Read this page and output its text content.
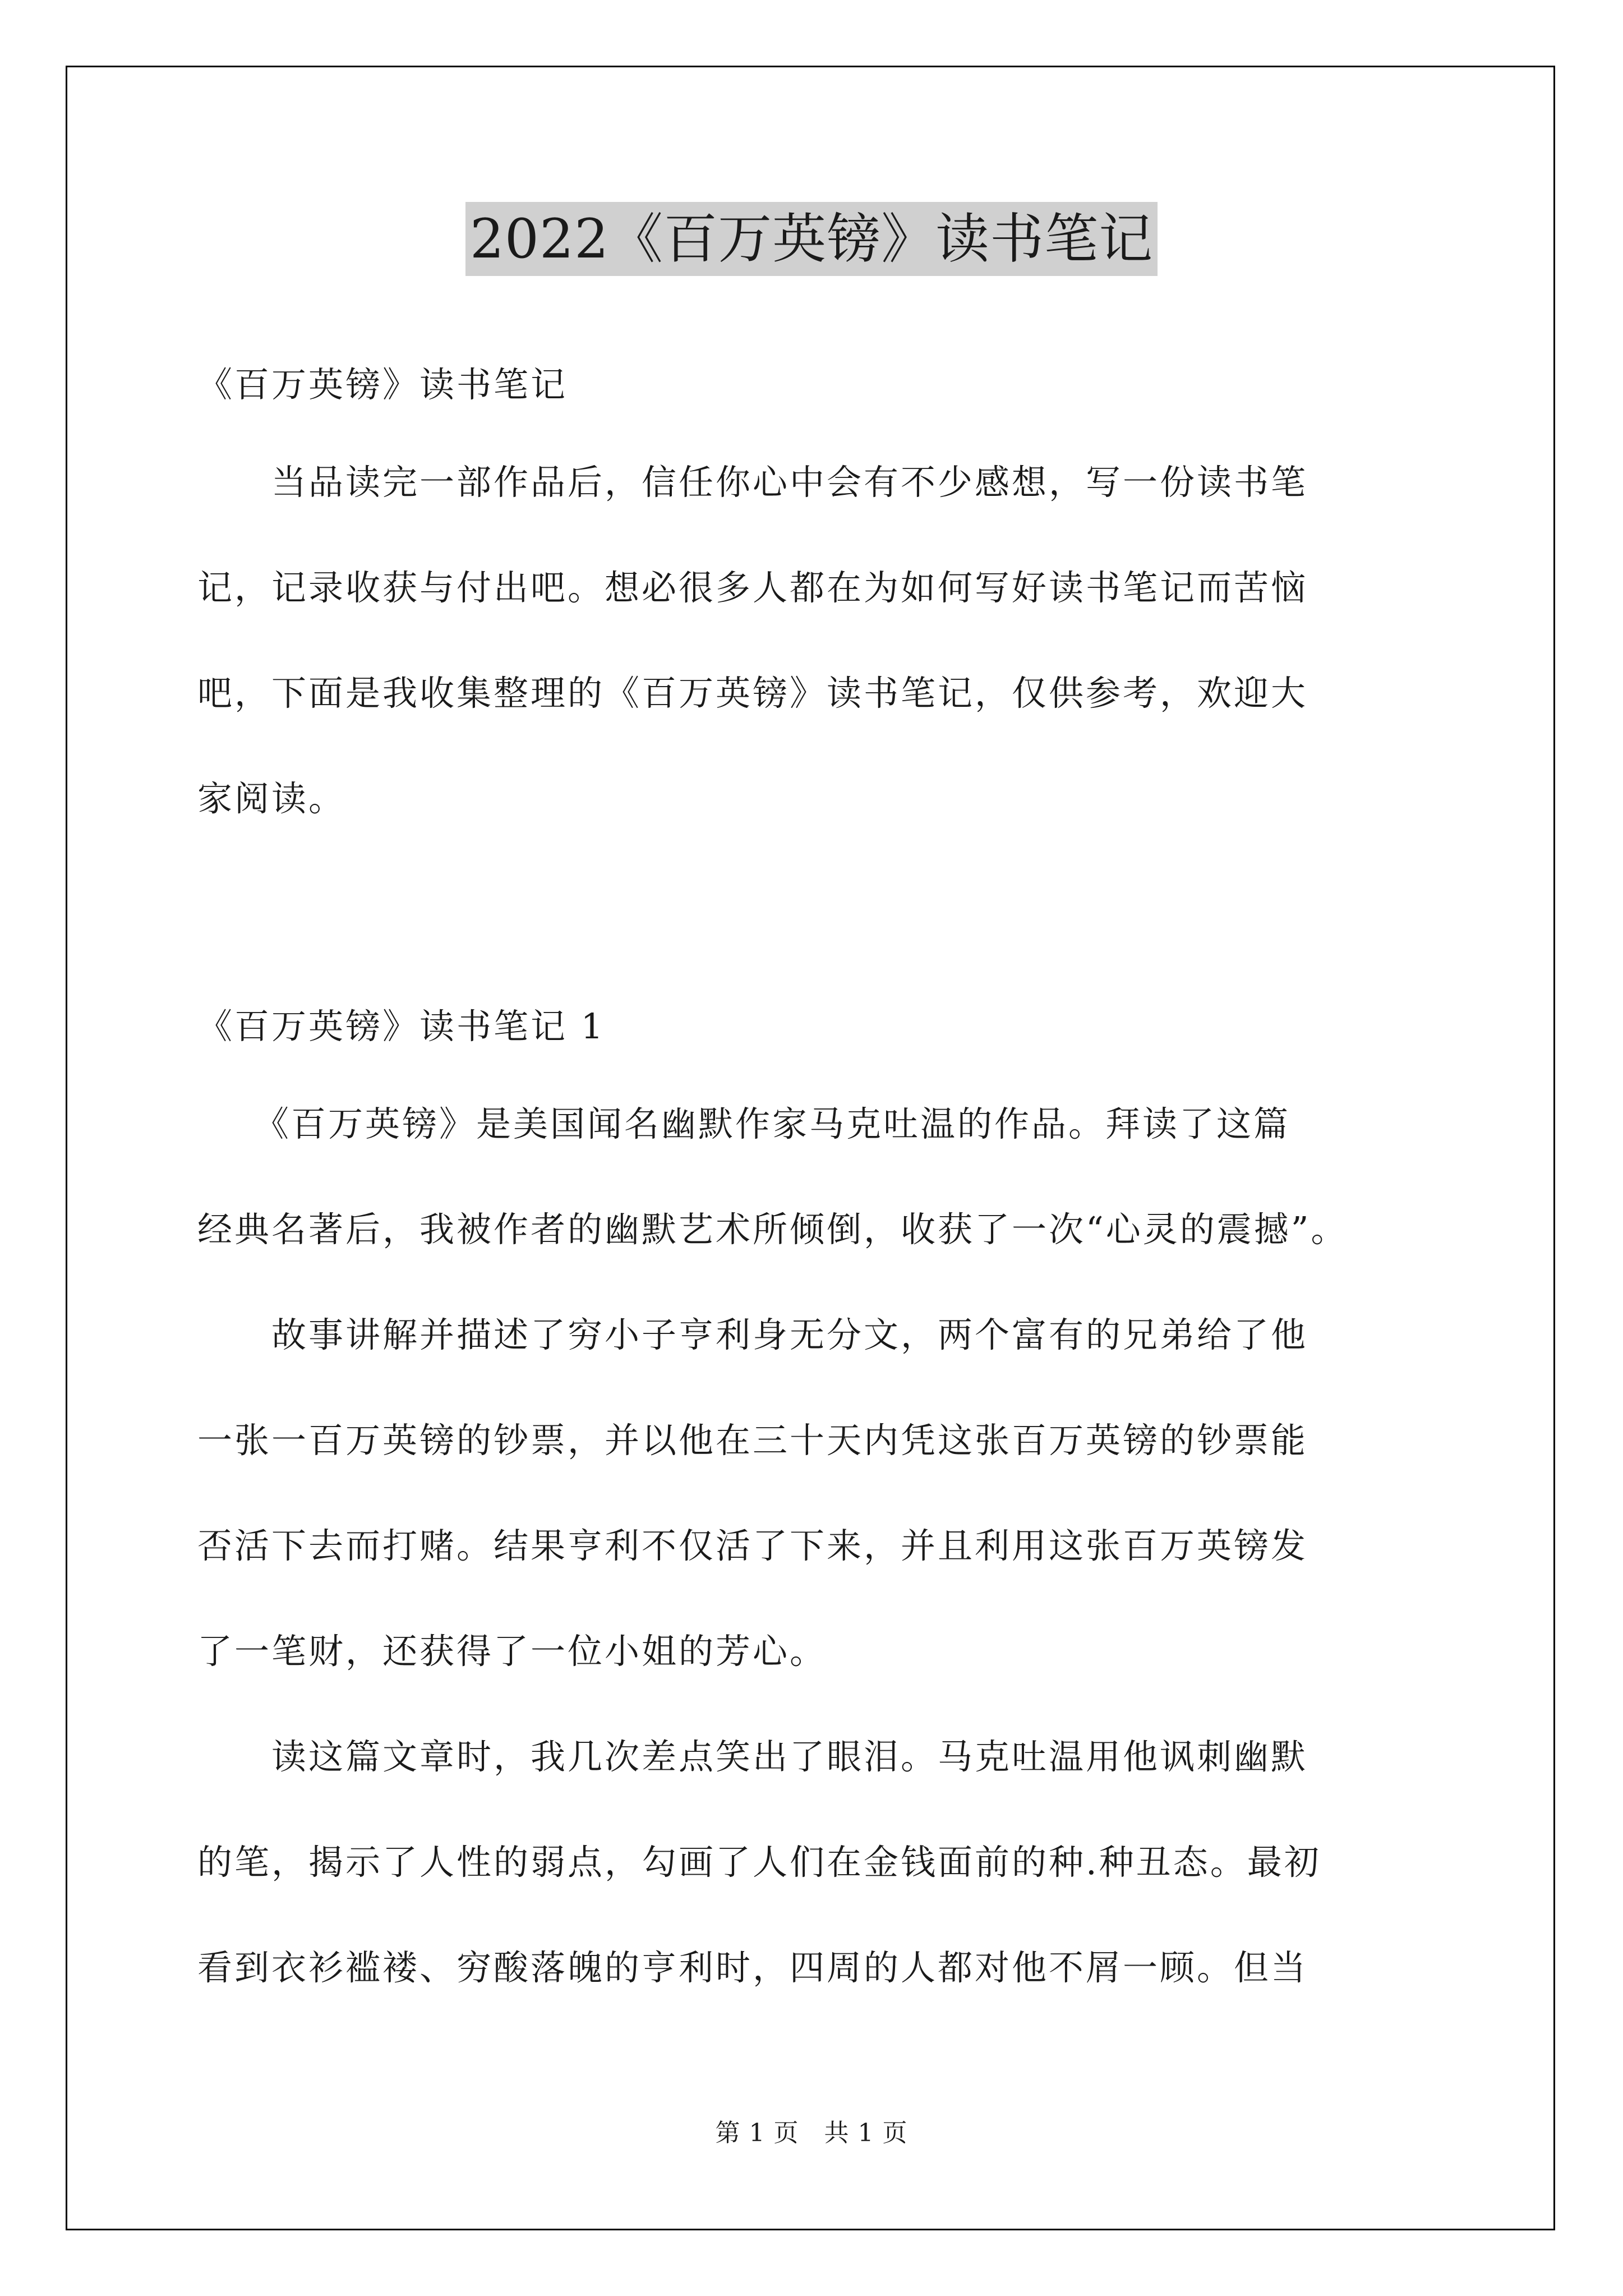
2022《百万英镑》读书笔记
《百万英镑》读书笔记
　　当品读完一部作品后，信任你心中会有不少感想，写一份读书笔
记，记录收获与付出吧。想必很多人都在为如何写好读书笔记而苦恼
吧，下面是我收集整理的《百万英镑》读书笔记，仅供参考，欢迎大
家阅读。
《百万英镑》读书笔记 1
　　《百万英镑》是美国闻名幽默作家马克吐温的作品。拜读了这篇
经典名著后，我被作者的幽默艺术所倾倒，收获了一次“心灵的震撼”。
　　故事讲解并描述了穷小子亨利身无分文，两个富有的兄弟给了他
一张一百万英镑的钞票，并以他在三十天内凭这张百万英镑的钞票能
否活下去而打赌。结果亨利不仅活了下来，并且利用这张百万英镑发
了一笔财，还获得了一位小姐的芳心。
　　读这篇文章时，我几次差点笑出了眼泪。马克吐温用他讽刺幽默
的笔，揭示了人性的弱点，勾画了人们在金钱面前的种.种丑态。最初
看到衣衫褴褛、穷酸落魄的亨利时，四周的人都对他不屑一顾。但当
第 1 页　共 1 页
